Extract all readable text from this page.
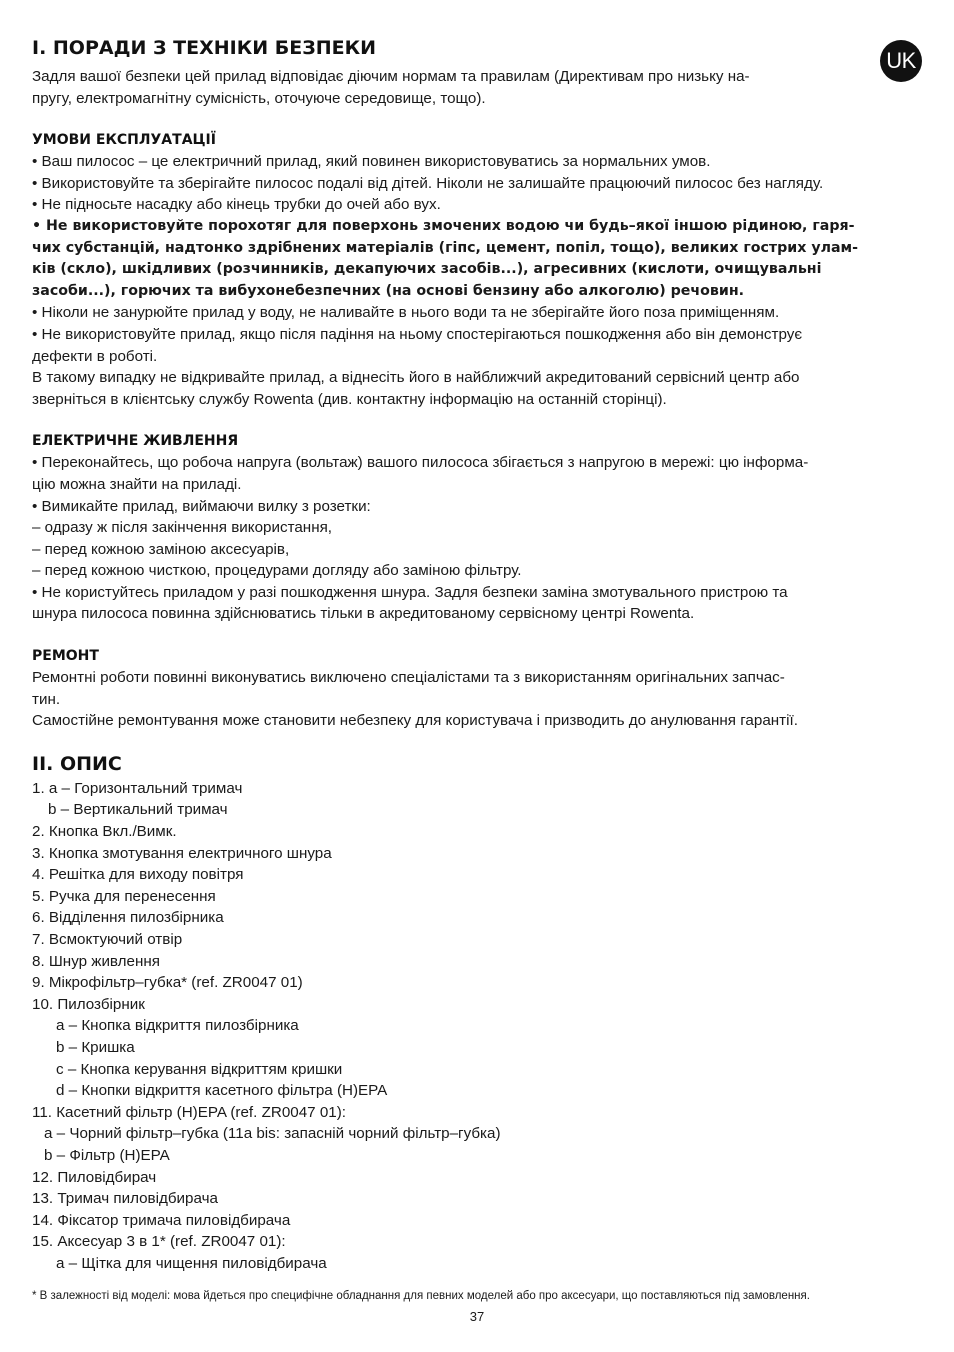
UK
I. ПОРАДИ З ТЕХНІКИ БЕЗПЕКИ

Задля вашої безпеки цей прилад відповідає діючим нормам та правилам (Директивам про низьку на-

пругу, електромагнітну сумісність, оточуюче середовище, тощо).

УМОВИ ЕКСПЛУАТАЦІЇ

• Ваш пилосос – це електричний прилад, який повинен використовуватись за нормальних умов.

• Використовуйте та зберігайте пилосос подалі від дітей. Ніколи не залишайте працюючий пилосос без нагляду.

• Не підносьте насадку або кінець трубки до очей або вух.

• Не використовуйте порохотяг для поверхонь змочених водою чи будь–якої іншою рідиною, гаря-

чих субстанцій, надтонко здрібнених матеріалів (гіпс, цемент, попіл, тощо), великих гострих улам-

ків (скло), шкідливих (розчинників, декапуючих засобів...), агресивних (кислоти, очищувальні

засоби...), горючих та вибухонебезпечних (на основі бензину або алкоголю) речовин.

• Ніколи не занурюйте прилад у воду, не наливайте в нього води та не зберігайте його поза приміщенням.

• Не використовуйте прилад, якщо після падіння на ньому спостерігаються пошкодження або він демонструє

дефекти в роботі.

В такому випадку не відкривайте прилад, а віднесіть його в найближчий акредитований сервісний центр або

зверніться в клієнтську службу Rowenta (див. контактну інформацію на останній сторінці).

ЕЛЕКТРИЧНЕ ЖИВЛЕННЯ

• Переконайтесь, що робоча напруга (вольтаж) вашого пилососа збігається з напругою в мережі: цю інформа-

цію можна знайти на приладі.

• Вимикайте прилад, виймаючи вилку з розетки:

– одразу ж після закінчення використання,

– перед кожною заміною аксесуарів,

– перед кожною чисткою, процедурами догляду або заміною фільтру.

• Не користуйтесь приладом у разі пошкодження шнура. Задля безпеки заміна змотувального пристрою та

шнура пилососа повинна здійснюватись тільки в акредитованому сервісному центрі Rowenta.

РЕМОНТ

Ремонтні роботи повинні виконуватись виключено спеціалістами та з використанням оригінальних запчас-

тин.

Самостійне ремонтування може становити небезпеку для користувача і призводить до анулювання гарантії.

II. ОПИС

1. a – Горизонтальний тримач

b – Вертикальний тримач

2. Кнопка Вкл./Вимк.

3. Кнопка змотування електричного шнура

4. Решітка для виходу повітря

5. Ручка для перенесення

6. Відділення пилозбірника

7. Всмоктуючий отвір

8. Шнур живлення

9. Мікрофільтр–губка* (ref. ZR0047 01)

10. Пилозбірник

a – Кнопка відкриття пилозбірника

b – Кришка

c – Кнопка керування відкриттям кришки

d – Кнопки відкриття касетного фільтра (H)EPA

11. Касетний фільтр (H)EPA (ref. ZR0047 01):

a – Чорний фільтр–губка (11a bis: запасній чорний фільтр–губка)

b – Фільтр (H)EPA

12. Пиловідбирач

13. Тримач пиловідбирача

14. Фіксатор тримача пиловідбирача

15. Аксесуар 3 в 1* (ref. ZR0047 01):

a – Щітка для чищення пиловідбирача

* В залежності від моделі: мова йдеться про специфічне обладнання для певних моделей або про аксесуари, що поставляються під замовлення.
37
